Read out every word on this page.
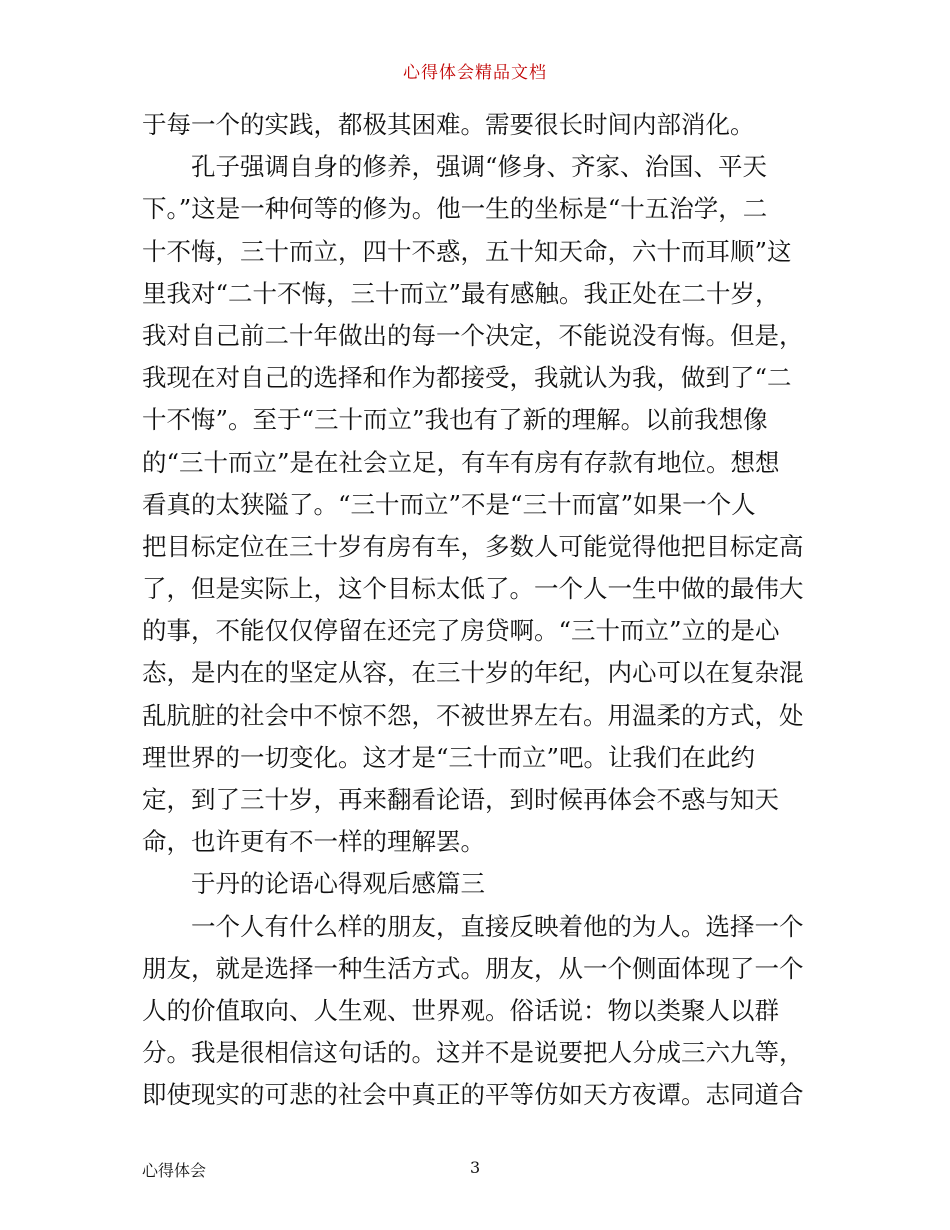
心得体会精品文档
于每一个的实践，都极其困难。需要很长时间内部消化。
孔子强调自身的修养，强调“修身、齐家、治国、平天
下。”这是一种何等的修为。他一生的坐标是“十五治学，二
十不悔，三十而立，四十不惑，五十知天命，六十而耳顺”这
里我对“二十不悔，三十而立”最有感触。我正处在二十岁，
我对自己前二十年做出的每一个决定，不能说没有悔。但是，
我现在对自己的选择和作为都接受，我就认为我，做到了“二
十不悔”。至于“三十而立”我也有了新的理解。以前我想像
的“三十而立”是在社会立足，有车有房有存款有地位。想想
看真的太狭隘了。“三十而立”不是“三十而富”如果一个人
把目标定位在三十岁有房有车，多数人可能觉得他把目标定高
了，但是实际上，这个目标太低了。一个人一生中做的最伟大
的事，不能仅仅停留在还完了房贷啊。“三十而立”立的是心
态，是内在的坚定从容，在三十岁的年纪，内心可以在复杂混
乱肮脏的社会中不惊不怨，不被世界左右。用温柔的方式，处
理世界的一切变化。这才是“三十而立”吧。让我们在此约
定，到了三十岁，再来翻看论语，到时候再体会不惑与知天
命，也许更有不一样的理解罢。
于丹的论语心得观后感篇三
一个人有什么样的朋友，直接反映着他的为人。选择一个
朋友，就是选择一种生活方式。朋友，从一个侧面体现了一个
人的价值取向、人生观、世界观。俗话说：物以类聚人以群
分。我是很相信这句话的。这并不是说要把人分成三六九等，
即使现实的可悲的社会中真正的平等仿如天方夜谭。志同道合
心得体会	3
